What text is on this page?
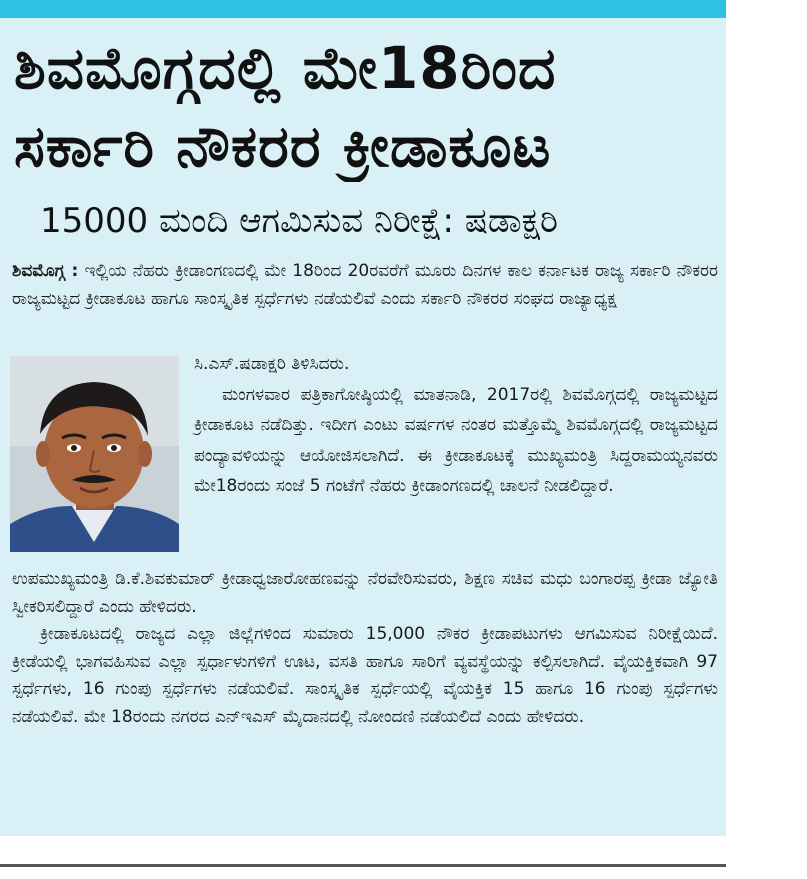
ಶಿವಮೊಗ್ಗದಲ್ಲಿ ಮೇ18ರಿಂದ
ಸರ್ಕಾರಿ ನೌಕರರ ಕ್ರೀಡಾಕೂಟ
15000 ಮಂದಿ ಆಗಮಿಸುವ ನಿರೀಕ್ಷೆ: ಷಡಾಕ್ಷರಿ
ಶಿವಮೊಗ್ಗ : ಇಲ್ಲಿಯ ನೆಹರು ಕ್ರೀಡಾಂಗಣದಲ್ಲಿ ಮೇ 18ರಿಂದ 20ರವರೆಗೆ ಮೂರು ದಿನಗಳ ಕಾಲ ಕರ್ನಾಟಕ ರಾಜ್ಯ ಸರ್ಕಾರಿ ನೌಕರರ ರಾಜ್ಯಮಟ್ಟದ ಕ್ರೀಡಾಕೂಟ ಹಾಗೂ ಸಾಂಸ್ಕೃತಿಕ ಸ್ಪರ್ಧೆಗಳು ನಡೆಯಲಿವೆ ಎಂದು ಸರ್ಕಾರಿ ನೌಕರರ ಸಂಘದ ರಾಜ್ಯಾಧ್ಯಕ್ಷ

ಸಿ.ಎಸ್.ಷಡಾಕ್ಷರಿ ತಿಳಿಸಿದರು.

ಮಂಗಳವಾರ ಪತ್ರಿಕಾಗೋಷ್ಠಿಯಲ್ಲಿ ಮಾತನಾಡಿ, 2017ರಲ್ಲಿ ಶಿವಮೊಗ್ಗದಲ್ಲಿ ರಾಜ್ಯಮಟ್ಟದ ಕ್ರೀಡಾಕೂಟ ನಡೆದಿತ್ತು. ಇದೀಗ ಎಂಟು ವರ್ಷಗಳ ನಂತರ ಮತ್ತೊಮ್ಮೆ ಶಿವಮೊಗ್ಗದಲ್ಲಿ ರಾಜ್ಯಮಟ್ಟದ ಪಂದ್ಯಾವಳಿಯನ್ನು ಆಯೋಜಿಸಲಾಗಿದೆ. ಈ ಕ್ರೀಡಾಕೂಟಕ್ಕೆ ಮುಖ್ಯಮಂತ್ರಿ ಸಿದ್ದರಾಮಯ್ಯನವರು ಮೇ18ರಂದು ಸಂಜೆ 5 ಗಂಟೆಗೆ ನೆಹರು ಕ್ರೀಡಾಂಗಣದಲ್ಲಿ ಚಾಲನೆ ನೀಡಲಿದ್ದಾರೆ.

ಉಪಮುಖ್ಯಮಂತ್ರಿ ಡಿ.ಕೆ.ಶಿವಕುಮಾರ್ ಕ್ರೀಡಾಧ್ವಜಾರೋಹಣವನ್ನು ನೆರವೇರಿಸುವರು, ಶಿಕ್ಷಣ ಸಚಿವ ಮಧು ಬಂಗಾರಪ್ಪ ಕ್ರೀಡಾ ಜ್ಯೋತಿ ಸ್ವೀಕರಿಸಲಿದ್ದಾರೆ ಎಂದು ಹೇಳಿದರು.

ಕ್ರೀಡಾಕೂಟದಲ್ಲಿ ರಾಜ್ಯದ ಎಲ್ಲಾ ಜಿಲ್ಲೆಗಳಿಂದ ಸುಮಾರು 15,000 ನೌಕರ ಕ್ರೀಡಾಪಟುಗಳು ಆಗಮಿಸುವ ನಿರೀಕ್ಷೆಯಿದೆ. ಕ್ರೀಡೆಯಲ್ಲಿ ಭಾಗವಹಿಸುವ ಎಲ್ಲಾ ಸ್ಪರ್ಧಾಳುಗಳಿಗೆ ಊಟ, ವಸತಿ ಹಾಗೂ ಸಾರಿಗೆ ವ್ಯವಸ್ಥೆಯನ್ನು ಕಲ್ಪಿಸಲಾಗಿದೆ. ವೈಯಕ್ತಿಕವಾಗಿ 97 ಸ್ಪರ್ಧೆಗಳು, 16 ಗುಂಪು ಸ್ಪರ್ಧೆಗಳು ನಡೆಯಲಿವೆ. ಸಾಂಸ್ಕೃತಿಕ ಸ್ಪರ್ಧೆಯಲ್ಲಿ ವೈಯಕ್ತಿಕ 15 ಹಾಗೂ 16 ಗುಂಪು ಸ್ಪರ್ಧೆಗಳು ನಡೆಯಲಿವೆ. ಮೇ 18ರಂದು ನಗರದ ಎನ್‌ಇಎಸ್ ಮೈದಾನದಲ್ಲಿ ನೋಂದಣಿ ನಡೆಯಲಿದೆ ಎಂದು ಹೇಳಿದರು.
